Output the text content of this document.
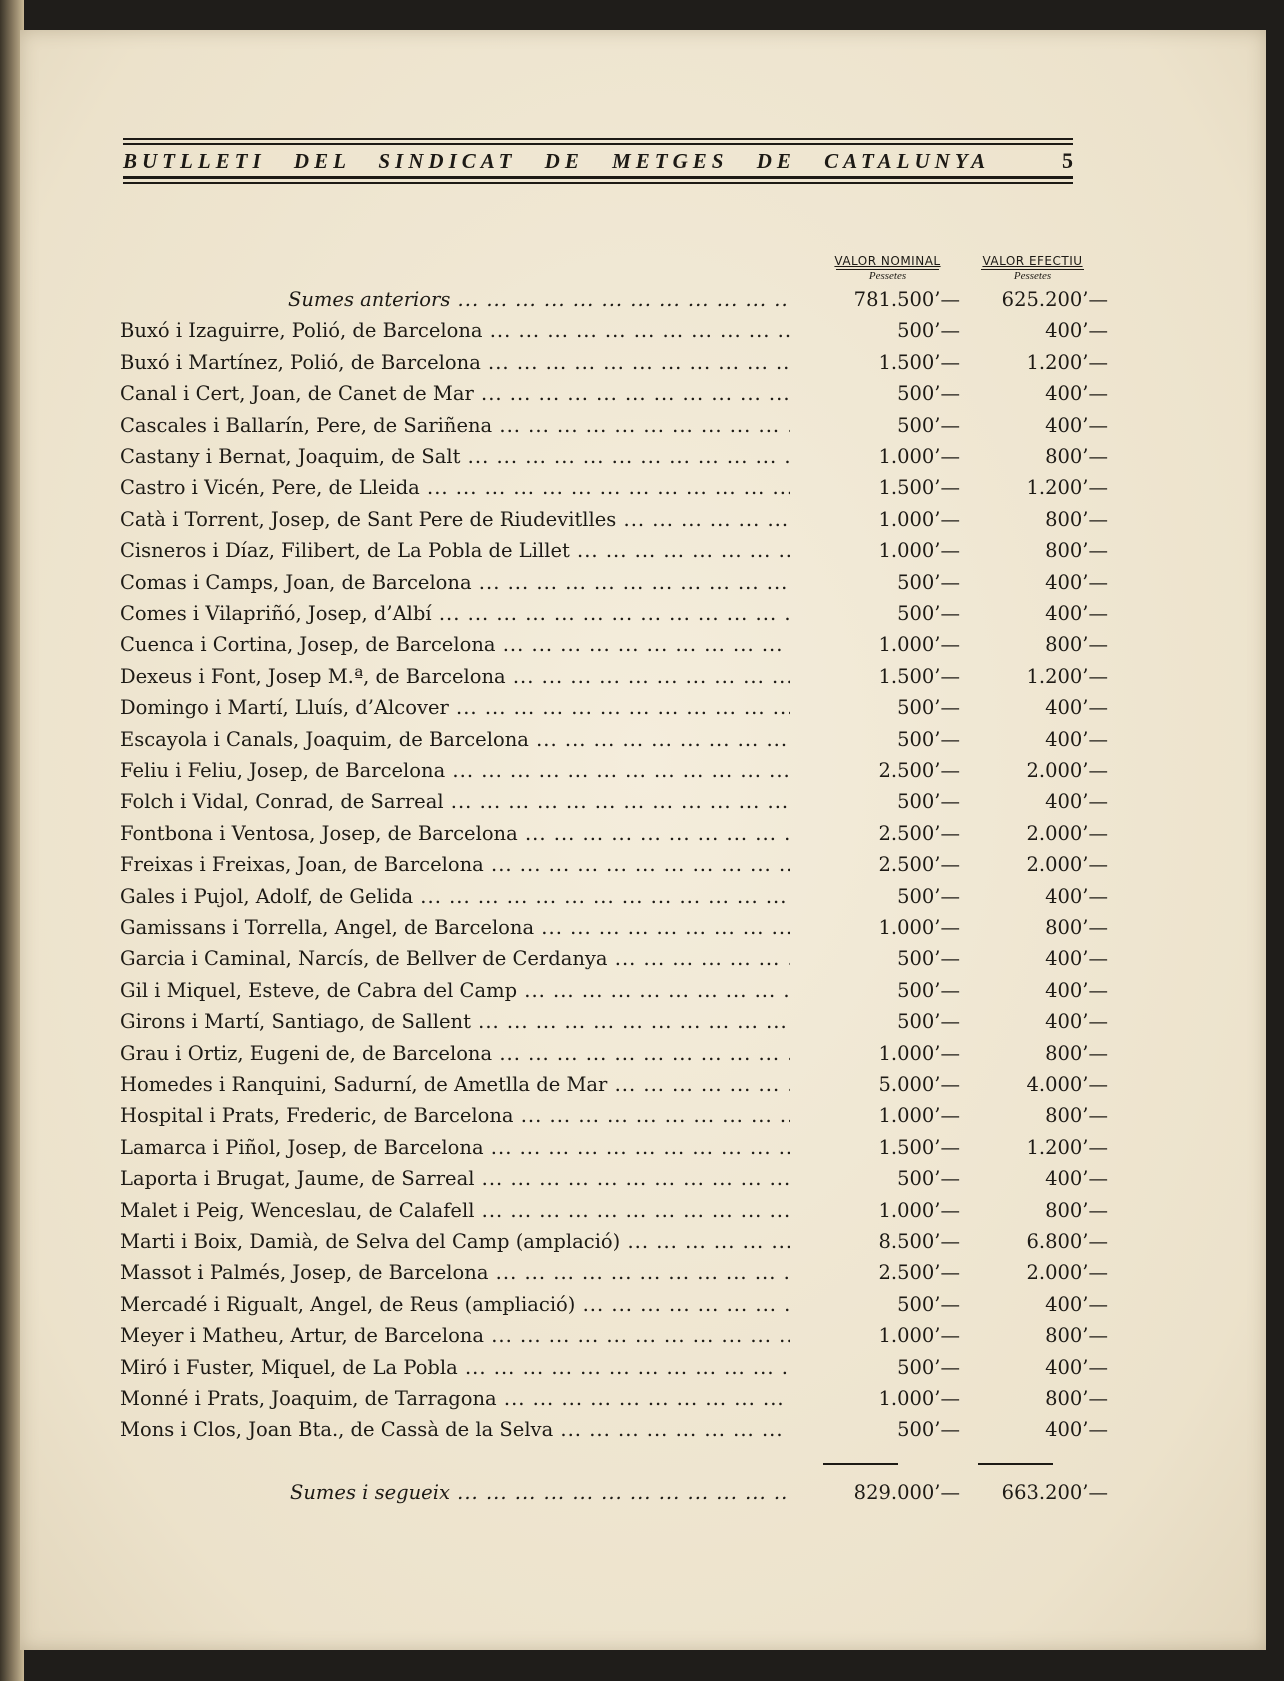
BUTLLETI DEL SINDICAT DE METGES DE CATALUNYA	5
VALOR NOMINAL
Pessetes
VALOR EFECTIU
Pessetes
Sumes anteriors ... .	781.500’—	625.200’—
Buxó i Izaguirre, Polió, de Barcelona ... .	500’—	400’—
Buxó i Martínez, Polió, de Barcelona ... .	1.500’—	1.200’—
Canal i Cert, Joan, de Canet de Mar ... .	500’—	400’—
Cascales i Ballarín, Pere, de Sariñena ... .	500’—	400’—
Castany i Bernat, Joaquim, de Salt ... .	1.000’—	800’—
Castro i Vicén, Pere, de Lleida ... .	1.500’—	1.200’—
Catà i Torrent, Josep, de Sant Pere de Riudevitlles ... .	1.000’—	800’—
Cisneros i Díaz, Filibert, de La Pobla de Lillet ... .	1.000’—	800’—
Comas i Camps, Joan, de Barcelona ... .	500’—	400’—
Comes i Vilapriñó, Josep, d’Albí ... .	500’—	400’—
Cuenca i Cortina, Josep, de Barcelona ... .	1.000’—	800’—
Dexeus i Font, Josep M.ª, de Barcelona ... .	1.500’—	1.200’—
Domingo i Martí, Lluís, d’Alcover ... .	500’—	400’—
Escayola i Canals, Joaquim, de Barcelona ... .	500’—	400’—
Feliu i Feliu, Josep, de Barcelona ... .	2.500’—	2.000’—
Folch i Vidal, Conrad, de Sarreal ... .	500’—	400’—
Fontbona i Ventosa, Josep, de Barcelona ... .	2.500’—	2.000’—
Freixas i Freixas, Joan, de Barcelona ... .	2.500’—	2.000’—
Gales i Pujol, Adolf, de Gelida ... .	500’—	400’—
Gamissans i Torrella, Angel, de Barcelona ... .	1.000’—	800’—
Garcia i Caminal, Narcís, de Bellver de Cerdanya ... .	500’—	400’—
Gil i Miquel, Esteve, de Cabra del Camp ... .	500’—	400’—
Girons i Martí, Santiago, de Sallent ... .	500’—	400’—
Grau i Ortiz, Eugeni de, de Barcelona ... .	1.000’—	800’—
Homedes i Ranquini, Sadurní, de Ametlla de Mar ... .	5.000’—	4.000’—
Hospital i Prats, Frederic, de Barcelona ... .	1.000’—	800’—
Lamarca i Piñol, Josep, de Barcelona ... .	1.500’—	1.200’—
Laporta i Brugat, Jaume, de Sarreal ... .	500’—	400’—
Malet i Peig, Wenceslau, de Calafell ... .	1.000’—	800’—
Marti i Boix, Damià, de Selva del Camp (amplació) ... .	8.500’—	6.800’—
Massot i Palmés, Josep, de Barcelona ... .	2.500’—	2.000’—
Mercadé i Rigualt, Angel, de Reus (ampliació) ... .	500’—	400’—
Meyer i Matheu, Artur, de Barcelona ... .	1.000’—	800’—
Miró i Fuster, Miquel, de La Pobla ... .	500’—	400’—
Monné i Prats, Joaquim, de Tarragona ... .	1.000’—	800’—
Mons i Clos, Joan Bta., de Cassà de la Selva ... .	500’—	400’—
Sumes i segueix ... .	829.000’—	663.200’—
